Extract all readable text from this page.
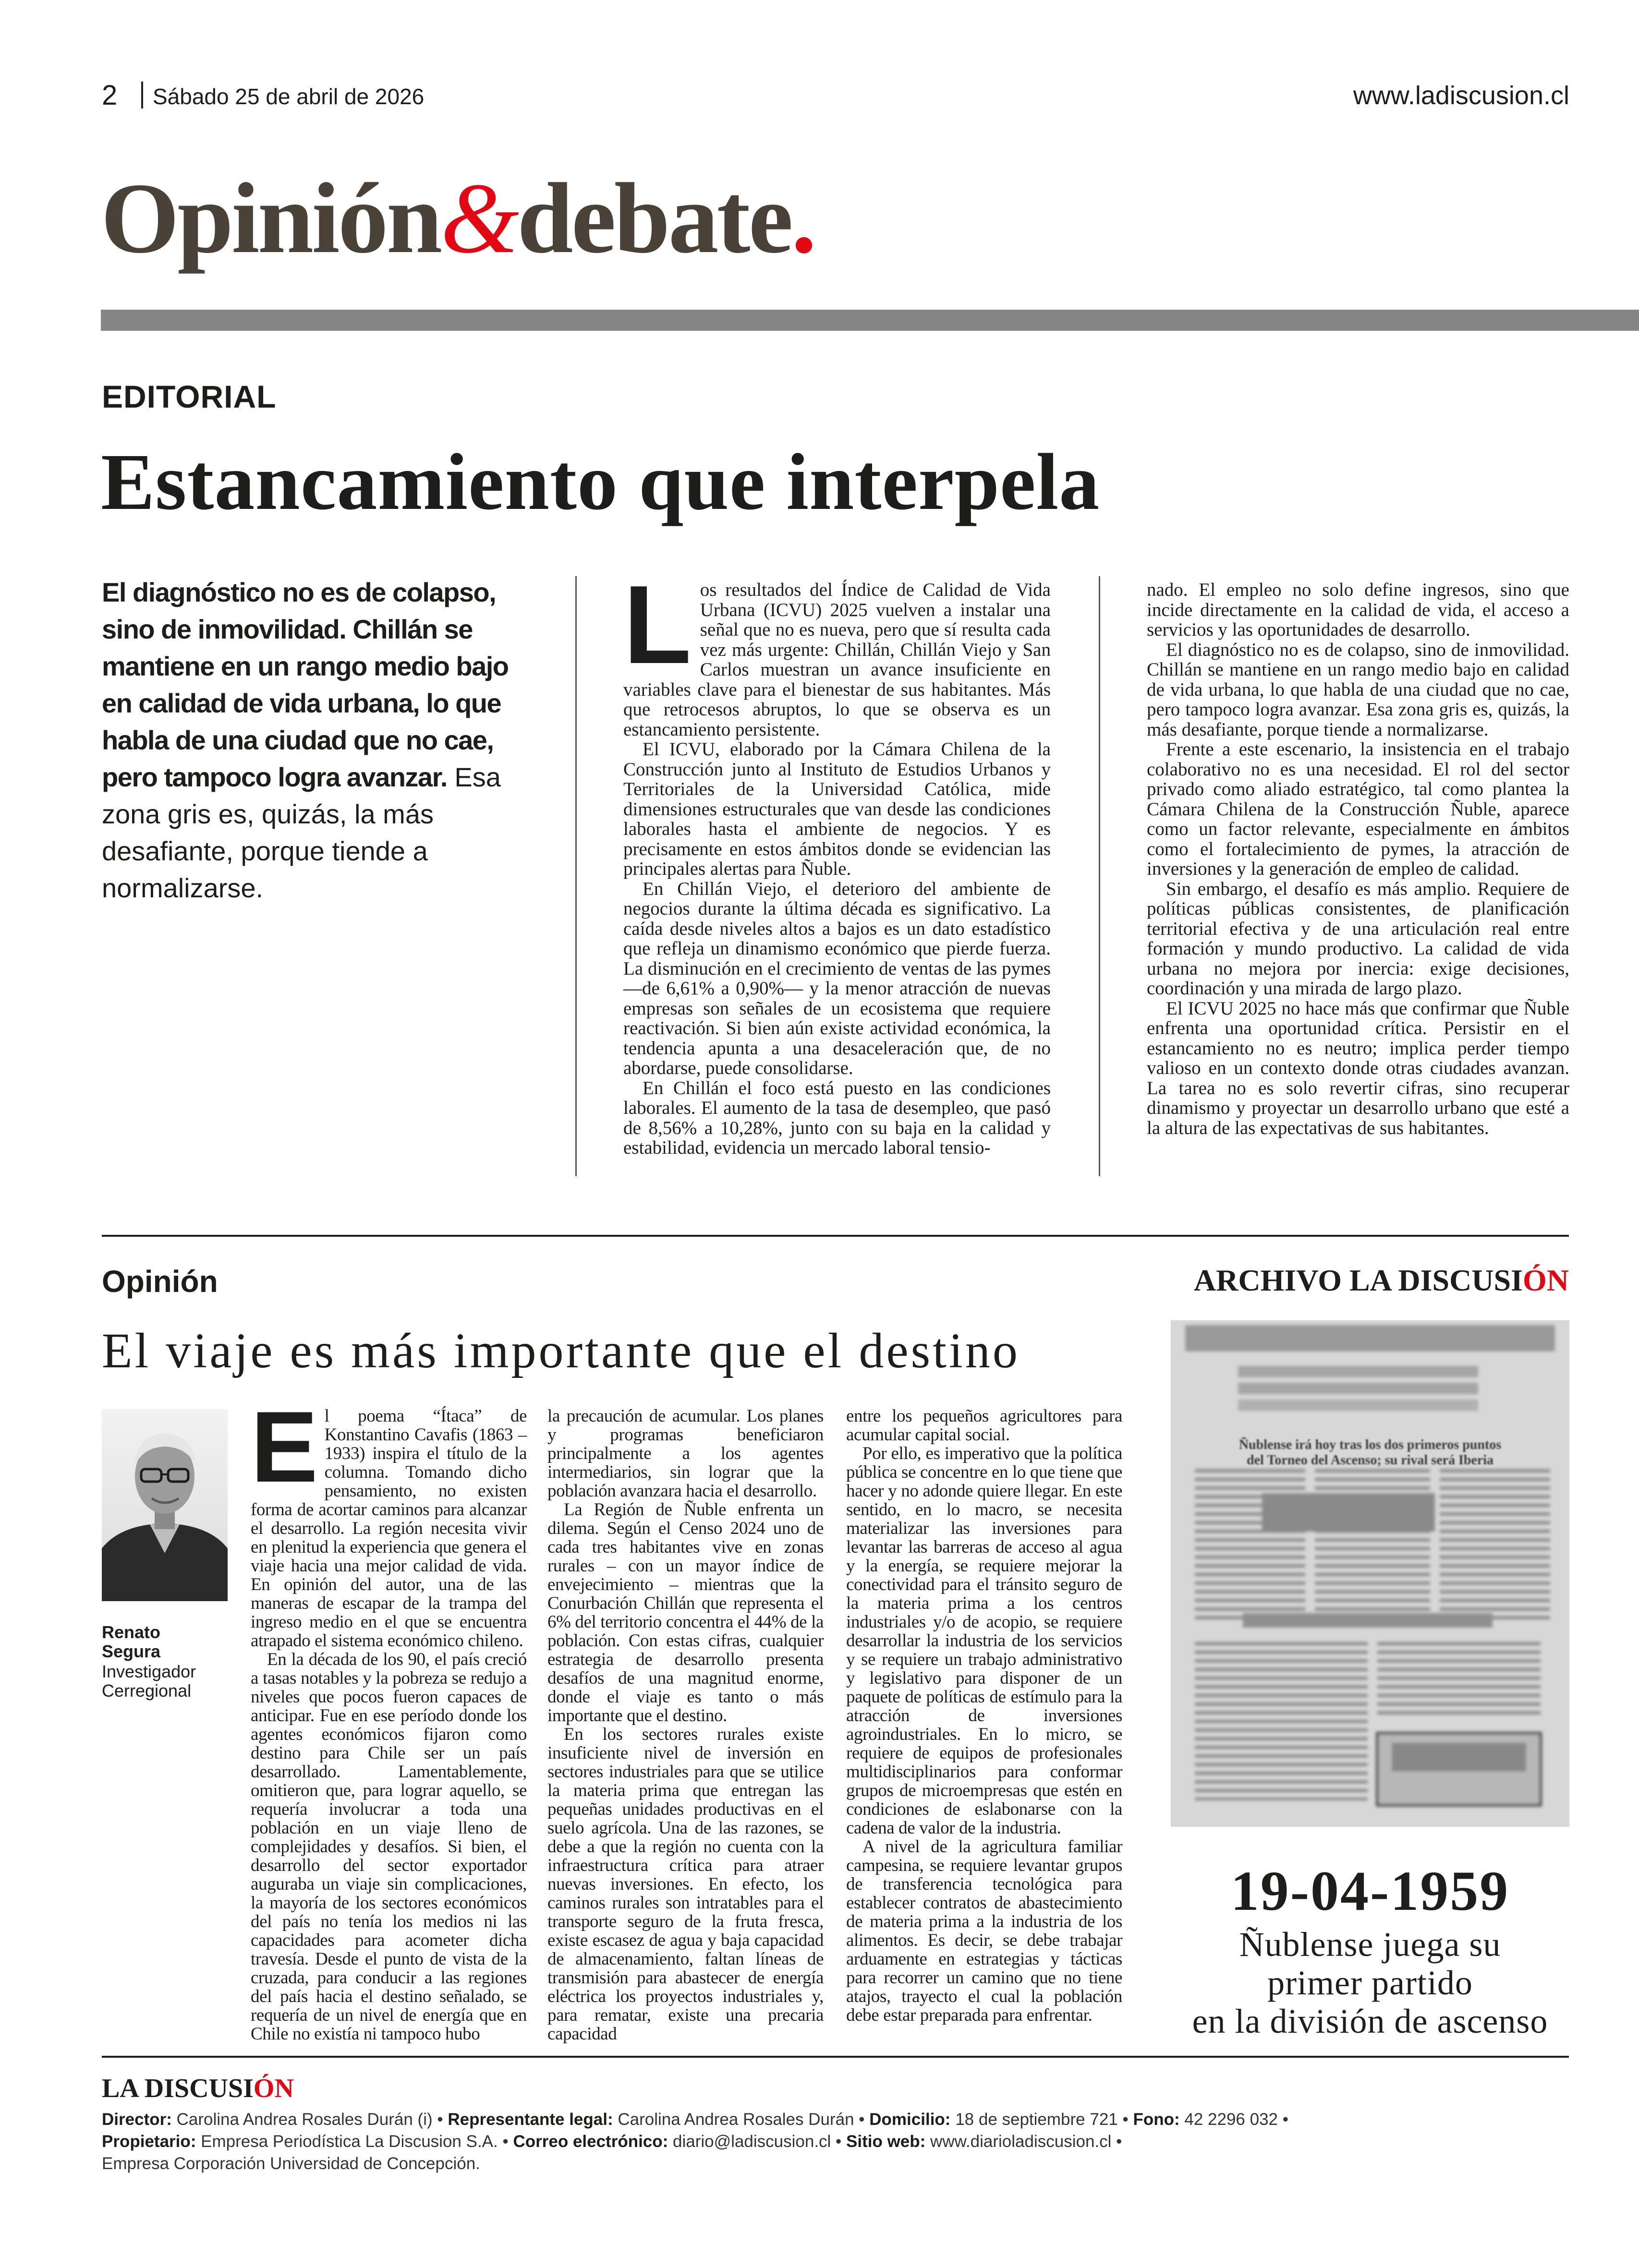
2 Sábado 25 de abril de 2026	www.ladiscusion.cl
Opinión&debate.
EDITORIAL
Estancamiento que interpela
El diagnóstico no es de colapso, sino de inmovilidad. Chillán se mantiene en un rango medio bajo en calidad de vida urbana, lo que habla de una ciudad que no cae, pero tampoco logra avanzar. Esa zona gris es, quizás, la más desafiante, porque tiende a normalizarse.

Los resultados del Índice de Calidad de Vida Urbana (ICVU) 2025 vuelven a instalar una señal que no es nueva, pero que sí resulta cada vez más urgente: Chillán, Chillán Viejo y San Carlos muestran un avance insuficiente en variables clave para el bienestar de sus habitantes. Más que retrocesos abruptos, lo que se observa es un estancamiento persistente.

El ICVU, elaborado por la Cámara Chilena de la Construcción junto al Instituto de Estudios Urbanos y Territoriales de la Universidad Católica, mide dimensiones estructurales que van desde las condiciones laborales hasta el ambiente de negocios. Y es precisamente en estos ámbitos donde se evidencian las principales alertas para Ñuble.

En Chillán Viejo, el deterioro del ambiente de negocios durante la última década es significativo. La caída desde niveles altos a bajos es un dato estadístico que refleja un dinamismo económico que pierde fuerza. La disminución en el crecimiento de ventas de las pymes —de 6,61% a 0,90%— y la menor atracción de nuevas empresas son señales de un ecosistema que requiere reactivación. Si bien aún existe actividad económica, la tendencia apunta a una desaceleración que, de no abordarse, puede consolidarse.

En Chillán el foco está puesto en las condiciones laborales. El aumento de la tasa de desempleo, que pasó de 8,56% a 10,28%, junto con su baja en la calidad y estabilidad, evidencia un mercado laboral tensio-

nado. El empleo no solo define ingresos, sino que incide directamente en la calidad de vida, el acceso a servicios y las oportunidades de desarrollo.

El diagnóstico no es de colapso, sino de inmovilidad. Chillán se mantiene en un rango medio bajo en calidad de vida urbana, lo que habla de una ciudad que no cae, pero tampoco logra avanzar. Esa zona gris es, quizás, la más desafiante, porque tiende a normalizarse.

Frente a este escenario, la insistencia en el trabajo colaborativo no es una necesidad. El rol del sector privado como aliado estratégico, tal como plantea la Cámara Chilena de la Construcción Ñuble, aparece como un factor relevante, especialmente en ámbitos como el fortalecimiento de pymes, la atracción de inversiones y la generación de empleo de calidad.

Sin embargo, el desafío es más amplio. Requiere de políticas públicas consistentes, de planificación territorial efectiva y de una articulación real entre formación y mundo productivo. La calidad de vida urbana no mejora por inercia: exige decisiones, coordinación y una mirada de largo plazo.

El ICVU 2025 no hace más que confirmar que Ñuble enfrenta una oportunidad crítica. Persistir en el estancamiento no es neutro; implica perder tiempo valioso en un contexto donde otras ciudades avanzan. La tarea no es solo revertir cifras, sino recuperar dinamismo y proyectar un desarrollo urbano que esté a la altura de las expectativas de sus habitantes.

Opinión
El viaje es más importante que el destino
Renato
Segura
Investigador
Cerregional

El poema “Ítaca” de Konstantino Cavafis (1863 – 1933) inspira el título de la columna. Tomando dicho pensamiento, no existen forma de acortar caminos para alcanzar el desarrollo. La región necesita vivir en plenitud la experiencia que genera el viaje hacia una mejor calidad de vida. En opinión del autor, una de las maneras de escapar de la trampa del ingreso medio en el que se encuentra atrapado el sistema económico chileno.

En la década de los 90, el país creció a tasas notables y la pobreza se redujo a niveles que pocos fueron capaces de anticipar. Fue en ese período donde los agentes económicos fijaron como destino para Chile ser un país desarrollado. Lamentablemente, omitieron que, para lograr aquello, se requería involucrar a toda una población en un viaje lleno de complejidades y desafíos. Si bien, el desarrollo del sector exportador auguraba un viaje sin complicaciones, la mayoría de los sectores económicos del país no tenía los medios ni las capacidades para acometer dicha travesía. Desde el punto de vista de la cruzada, para conducir a las regiones del país hacia el destino señalado, se requería de un nivel de energía que en Chile no existía ni tampoco hubo

la precaución de acumular. Los planes y programas beneficiaron principalmente a los agentes intermediarios, sin lograr que la población avanzara hacia el desarrollo.

La Región de Ñuble enfrenta un dilema. Según el Censo 2024 uno de cada tres habitantes vive en zonas rurales – con un mayor índice de envejecimiento – mientras que la Conurbación Chillán que representa el 6% del territorio concentra el 44% de la población. Con estas cifras, cualquier estrategia de desarrollo presenta desafíos de una magnitud enorme, donde el viaje es tanto o más importante que el destino.

En los sectores rurales existe insuficiente nivel de inversión en sectores industriales para que se utilice la materia prima que entregan las pequeñas unidades productivas en el suelo agrícola. Una de las razones, se debe a que la región no cuenta con la infraestructura crítica para atraer nuevas inversiones. En efecto, los caminos rurales son intratables para el transporte seguro de la fruta fresca, existe escasez de agua y baja capacidad de almacenamiento, faltan líneas de transmisión para abastecer de energía eléctrica los proyectos industriales y, para rematar, existe una precaria capacidad

entre los pequeños agricultores para acumular capital social.

Por ello, es imperativo que la política pública se concentre en lo que tiene que hacer y no adonde quiere llegar. En este sentido, en lo macro, se necesita materializar las inversiones para levantar las barreras de acceso al agua y la energía, se requiere mejorar la conectividad para el tránsito seguro de la materia prima a los centros industriales y/o de acopio, se requiere desarrollar la industria de los servicios y se requiere un trabajo administrativo y legislativo para disponer de un paquete de políticas de estímulo para la atracción de inversiones agroindustriales. En lo micro, se requiere de equipos de profesionales multidisciplinarios para conformar grupos de microempresas que estén en condiciones de eslabonarse con la cadena de valor de la industria.

A nivel de la agricultura familiar campesina, se requiere levantar grupos de transferencia tecnológica para establecer contratos de abastecimiento de materia prima a la industria de los alimentos. Es decir, se debe trabajar arduamente en estrategias y tácticas para recorrer un camino que no tiene atajos, trayecto el cual la población debe estar preparada para enfrentar.

ARCHIVO LA DISCUSIÓN
Ñublense irá hoy tras los dos primeros puntos
del Torneo del Ascenso; su rival será Iberia
19-04-1959
Ñublense juega su
primer partido
en la división de ascenso
LA DISCUSIÓN
Director: Carolina Andrea Rosales Durán (i) • Representante legal: Carolina Andrea Rosales Durán • Domicilio: 18 de septiembre 721 • Fono: 42 2296 032 •
Propietario: Empresa Periodística La Discusion S.A. • Correo electrónico: diario@ladiscusion.cl • Sitio web: www.diarioladiscusion.cl •
Empresa Corporación Universidad de Concepción.
